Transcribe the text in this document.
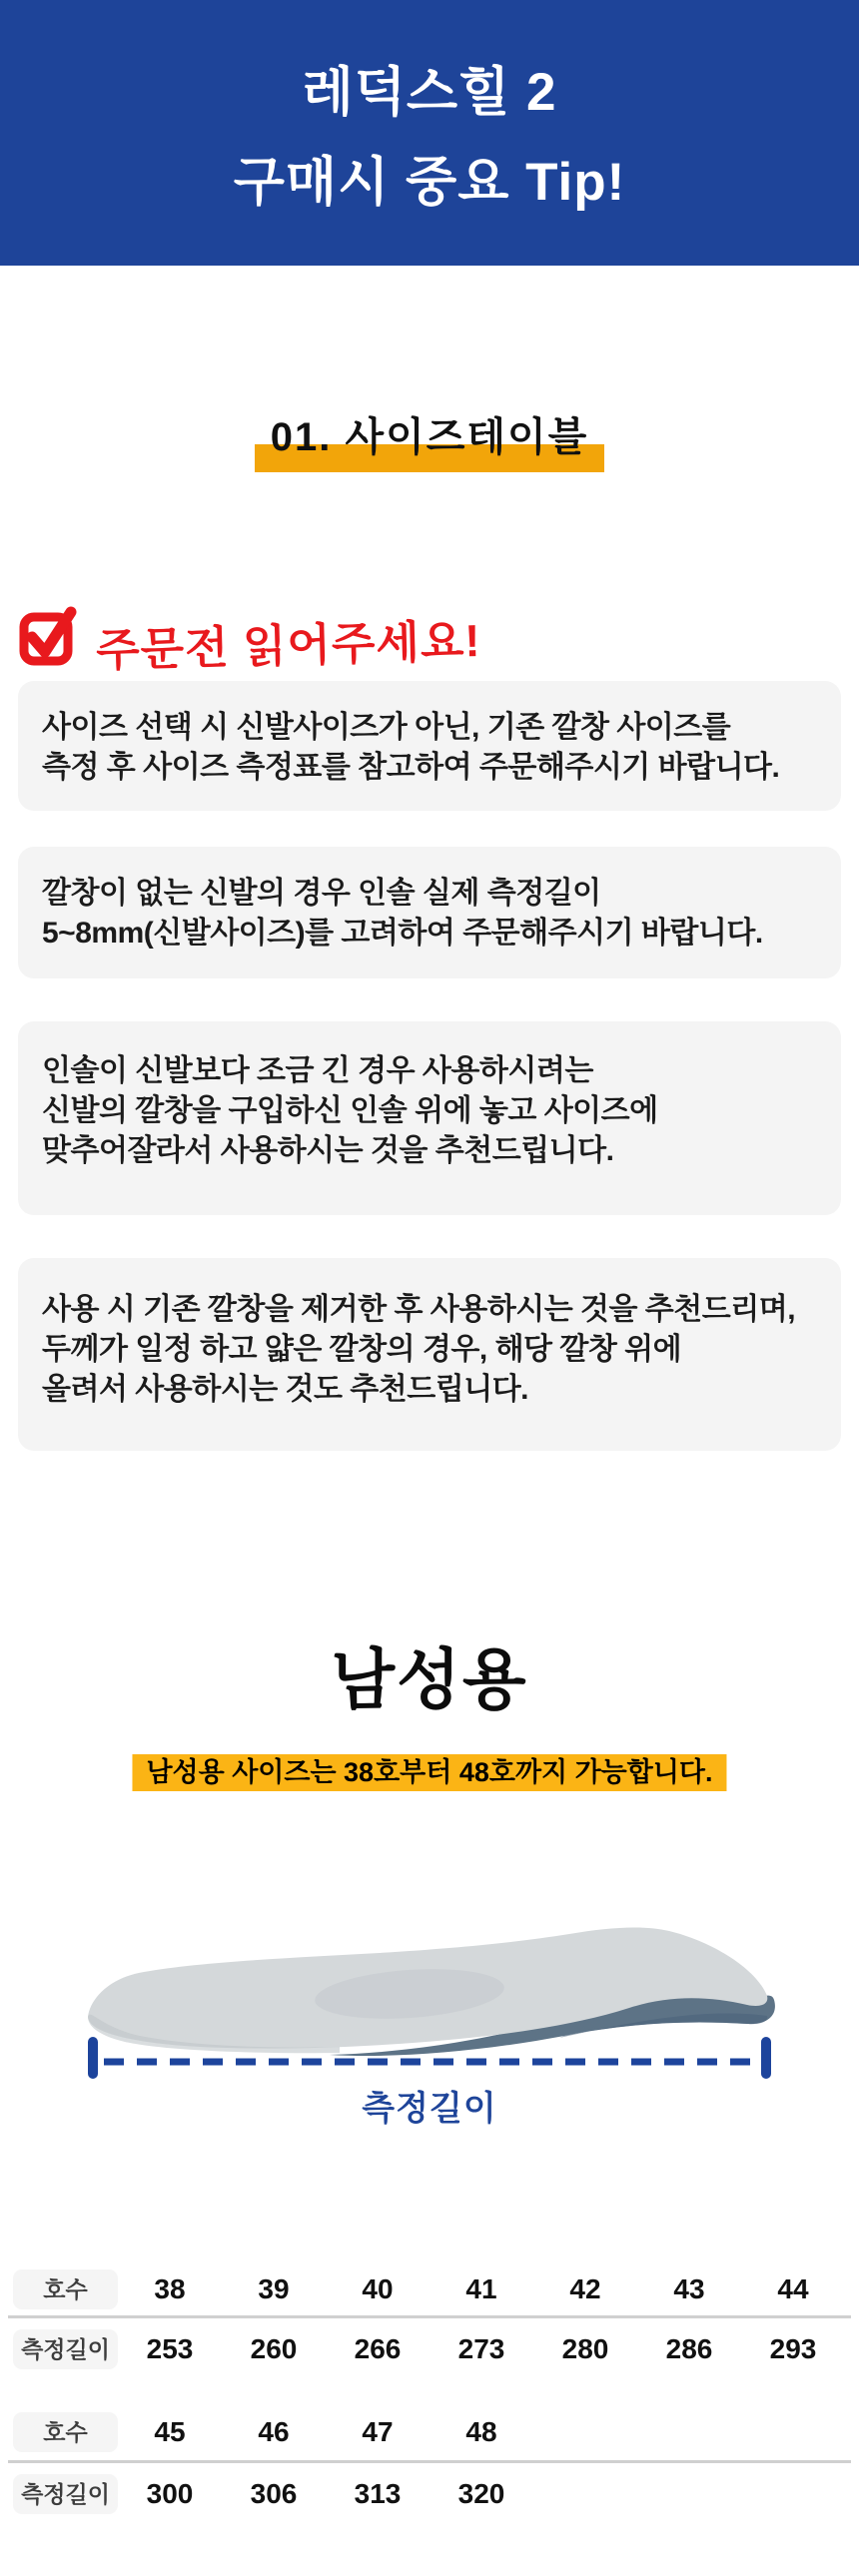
레덕스힐 2
구매시 중요 Tip!
01. 사이즈테이블
주문전 읽어주세요!
사이즈 선택 시 신발사이즈가 아닌, 기존 깔창 사이즈를
측정 후 사이즈 측정표를 참고하여 주문해주시기 바랍니다.
깔창이 없는 신발의 경우 인솔 실제 측정길이
5~8mm(신발사이즈)를 고려하여 주문해주시기 바랍니다.
인솔이 신발보다 조금 긴 경우 사용하시려는
신발의 깔창을 구입하신 인솔 위에 놓고 사이즈에
맞추어잘라서 사용하시는 것을 추천드립니다.
사용 시 기존 깔창을 제거한 후 사용하시는 것을 추천드리며,
두께가 일정 하고 얇은 깔창의 경우, 해당 깔창 위에
올려서 사용하시는 것도 추천드립니다.
남성용
남성용 사이즈는 38호부터 48호까지 가능합니다.
측정길이
호수	38	39	40	41	42	43	44
측정길이	253	260	266	273	280	286	293
호수	45	46	47	48
측정길이	300	306	313	320
